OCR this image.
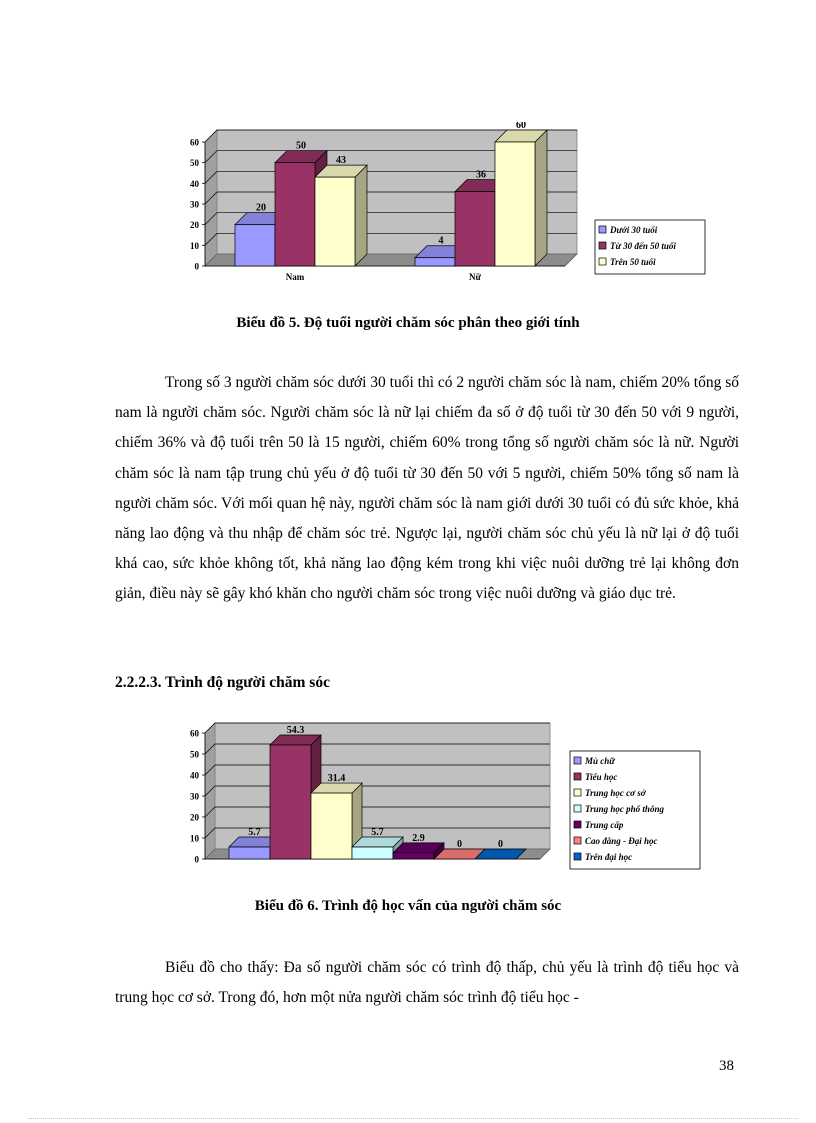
0
10
20
30
40
50
60
20
4
50
36
43
60
Nam	Nữ
Dưới 30 tuổi
Từ 30 đến 50 tuổi
Trên 50 tuổi
Biểu đồ 5. Độ tuổi người chăm sóc phân theo giới tính

Trong số 3 người chăm sóc dưới 30 tuổi thì có 2 người chăm sóc là nam, chiếm 20% tổng số nam là người chăm sóc. Người chăm sóc là nữ lại chiếm đa số ở độ tuổi từ 30 đến 50 với 9 người, chiếm 36% và độ tuổi trên 50 là 15 người, chiếm 60% trong tổng số người chăm sóc là nữ. Người chăm sóc là nam tập trung chủ yếu ở độ tuổi từ 30 đến 50 với 5 người, chiếm 50% tổng số nam là người chăm sóc. Với mối quan hệ này, người chăm sóc là nam giới dưới 30 tuổi có đủ sức khỏe, khả năng lao động và thu nhập để chăm sóc trẻ. Ngược lại, người chăm sóc chủ yếu là nữ lại ở độ tuổi khá cao, sức khỏe không tốt, khả năng lao động kém trong khi việc nuôi dưỡng trẻ lại không đơn giản, điều này sẽ gây khó khăn cho người chăm sóc trong việc nuôi dưỡng và giáo dục trẻ.

2.2.2.3. Trình độ người chăm sóc
0
10
20
30
40
50
60
5.7
54.3
31.4
5.7
2.9
0	0
Mù chữ
Tiểu học
Trung học cơ sở
Trung học phổ thông
Trung cấp
Cao đẳng - Đại học
Trên đại học
Biểu đồ 6. Trình độ học vấn của người chăm sóc

Biểu đồ cho thấy: Đa số người chăm sóc có trình độ thấp, chủ yếu là trình độ tiểu học và trung học cơ sở. Trong đó, hơn một nửa người chăm sóc trình độ tiểu học -

38
